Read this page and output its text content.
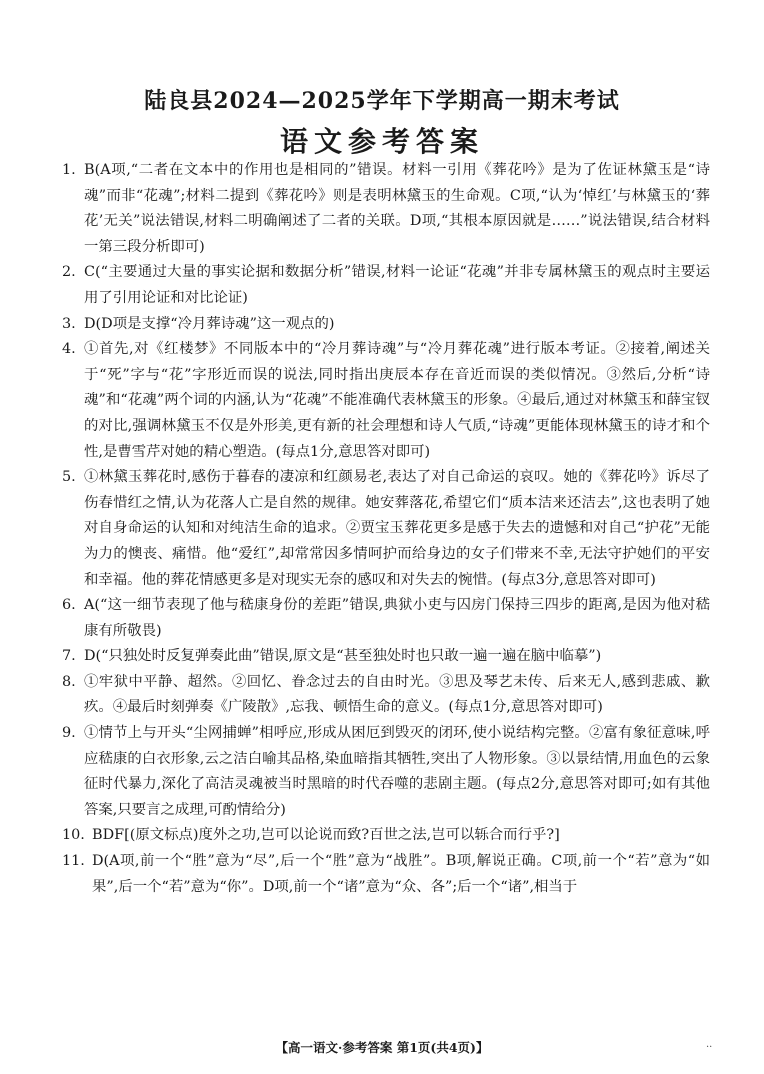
陆良县2024—2025学年下学期高一期末考试
语文参考答案
1. B(A项,“二者在文本中的作用也是相同的”错误。材料一引用《葬花吟》是为了佐证林黛玉是“诗魂”而非“花魂”;材料二提到《葬花吟》则是表明林黛玉的生命观。C项,“认为‘悼红’与林黛玉的‘葬花’无关”说法错误,材料二明确阐述了二者的关联。D项,“其根本原因就是……”说法错误,结合材料一第三段分析即可)
2. C(“主要通过大量的事实论据和数据分析”错误,材料一论证“花魂”并非专属林黛玉的观点时主要运用了引用论证和对比论证)
3. D(D项是支撑“冷月葬诗魂”这一观点的)
4. ①首先,对《红楼梦》不同版本中的“冷月葬诗魂”与“冷月葬花魂”进行版本考证。②接着,阐述关于“死”字与“花”字形近而误的说法,同时指出庚辰本存在音近而误的类似情况。③然后,分析“诗魂”和“花魂”两个词的内涵,认为“花魂”不能准确代表林黛玉的形象。④最后,通过对林黛玉和薛宝钗的对比,强调林黛玉不仅是外形美,更有新的社会理想和诗人气质,“诗魂”更能体现林黛玉的诗才和个性,是曹雪芹对她的精心塑造。(每点1分,意思答对即可)
5. ①林黛玉葬花时,感伤于暮春的凄凉和红颜易老,表达了对自己命运的哀叹。她的《葬花吟》诉尽了伤春惜红之情,认为花落人亡是自然的规律。她安葬落花,希望它们“质本洁来还洁去”,这也表明了她对自身命运的认知和对纯洁生命的追求。②贾宝玉葬花更多是感于失去的遗憾和对自己“护花”无能为力的懊丧、痛惜。他“爱红”,却常常因多情呵护而给身边的女子们带来不幸,无法守护她们的平安和幸福。他的葬花情感更多是对现实无奈的感叹和对失去的惋惜。(每点3分,意思答对即可)
6. A(“这一细节表现了他与嵇康身份的差距”错误,典狱小吏与囚房门保持三四步的距离,是因为他对嵇康有所敬畏)
7. D(“只独处时反复弹奏此曲”错误,原文是“甚至独处时也只敢一遍一遍在脑中临摹”)
8. ①牢狱中平静、超然。②回忆、眷念过去的自由时光。③思及琴艺未传、后来无人,感到悲戚、歉疚。④最后时刻弹奏《广陵散》,忘我、顿悟生命的意义。(每点1分,意思答对即可)
9. ①情节上与开头“尘网捕蝉”相呼应,形成从困厄到毁灭的闭环,使小说结构完整。②富有象征意味,呼应嵇康的白衣形象,云之洁白喻其品格,染血暗指其牺牲,突出了人物形象。③以景结情,用血色的云象征时代暴力,深化了高洁灵魂被当时黑暗的时代吞噬的悲剧主题。(每点2分,意思答对即可;如有其他答案,只要言之成理,可酌情给分)
10. BDF[(原文标点)度外之功,岂可以论说而致?百世之法,岂可以轹合而行乎?]
11. D(A项,前一个“胜”意为“尽”,后一个“胜”意为“战胜”。B项,解说正确。C项,前一个“若”意为“如果”,后一个“若”意为“你”。D项,前一个“诸”意为“众、各”;后一个“诸”,相当于
【高一语文·参考答案 第1页(共4页)】	··
